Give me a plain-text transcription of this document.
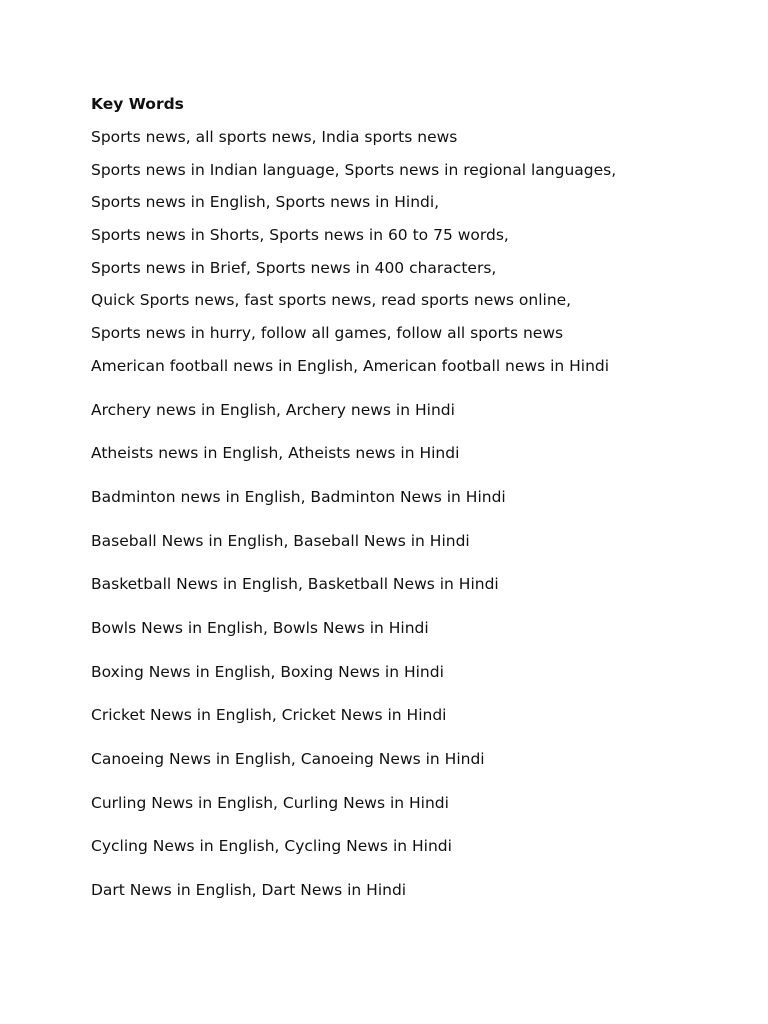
Key Words
Sports news, all sports news, India sports news
Sports news in Indian language, Sports news in regional languages,
Sports news in English, Sports news in Hindi,
Sports news in Shorts, Sports news in 60 to 75 words,
Sports news in Brief, Sports news in 400 characters,
Quick Sports news, fast sports news, read sports news online,
Sports news in hurry, follow all games, follow all sports news
American football news in English, American football news in Hindi
Archery news in English, Archery news in Hindi
Atheists news in English, Atheists news in Hindi
Badminton news in English, Badminton News in Hindi
Baseball News in English, Baseball News in Hindi
Basketball News in English, Basketball News in Hindi
Bowls News in English, Bowls News in Hindi
Boxing News in English, Boxing News in Hindi
Cricket News in English, Cricket News in Hindi
Canoeing News in English, Canoeing News in Hindi
Curling News in English, Curling News in Hindi
Cycling News in English, Cycling News in Hindi
Dart News in English, Dart News in Hindi
